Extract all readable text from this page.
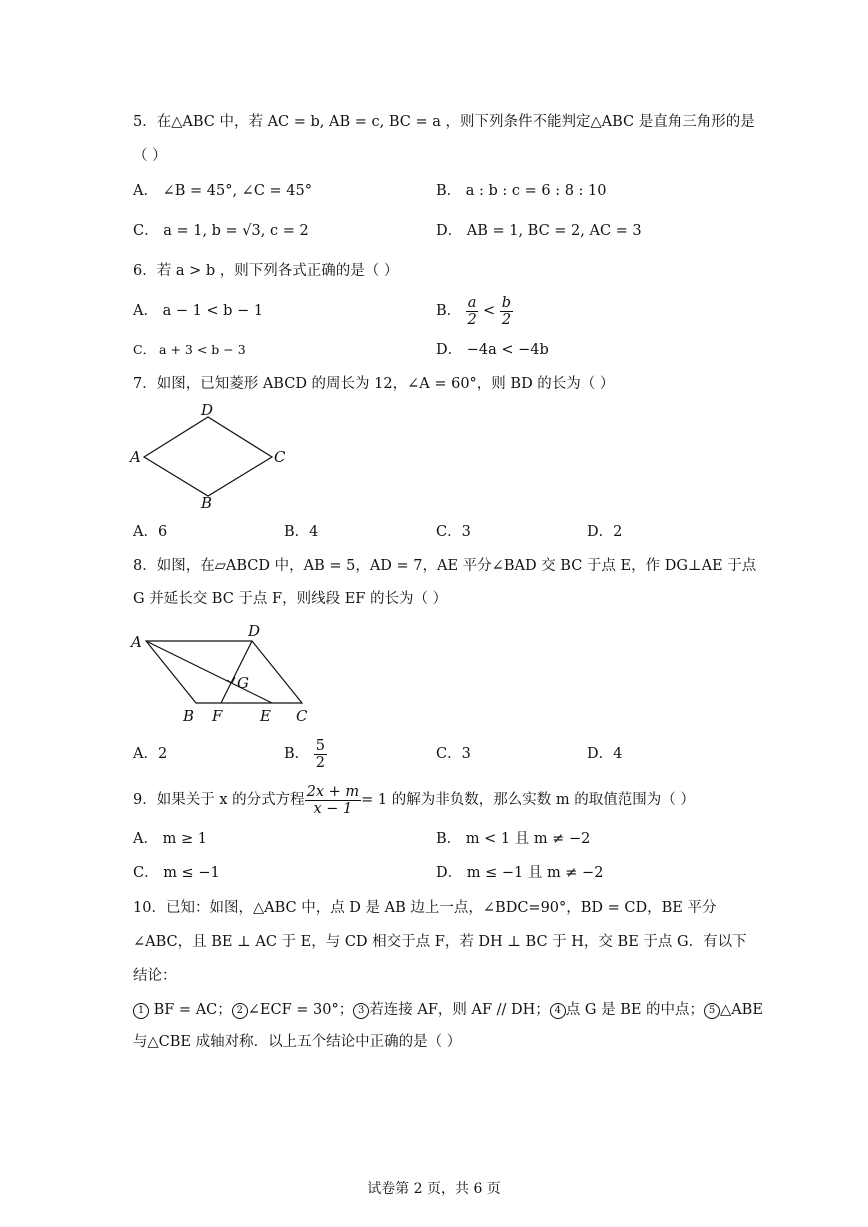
5．在△ABC 中，若 AC = b, AB = c, BC = a ，则下列条件不能判定△ABC 是直角三角形的是
（ ）
A． ∠B = 45°, ∠C = 45°	B． a : b : c = 6 : 8 : 10
C． a = 1, b = √3, c = 2	D． AB = 1, BC = 2, AC = 3
6．若 a > b ，则下列各式正确的是（ ）
A． a − 1 < b − 1	B． $\frac{a}{2} < \frac{b}{2}$
C． a + 3 < b − 3	D． −4a < −4b
7．如图，已知菱形 ABCD 的周长为 12，∠A = 60°，则 BD 的长为（ ）
A
D
C
B
A．6	B．4	C．3	D．2
8．如图，在▱ABCD 中，AB = 5，AD = 7，AE 平分∠BAD 交 BC 于点 E，作 DG⊥AE 于点
G 并延长交 BC 于点 F，则线段 EF 的长为（ ）
A
D
G
B F	E C
A．2	B． $\frac{5}{2}$	C．3	D．4
9．如果关于 x 的分式方程 $\frac{2x + m}{x - 1} = 1$ 的解为非负数，那么实数 m 的取值范围为（ ）
A． m ≥ 1	B． m < 1 且 m ≠ −2
C． m ≤ −1	D． m ≤ −1 且 m ≠ −2
10．已知：如图，△ABC 中，点 D 是 AB 边上一点，∠BDC=90°，BD = CD，BE 平分
∠ABC，且 BE ⊥ AC 于 E，与 CD 相交于点 F，若 DH ⊥ BC 于 H，交 BE 于点 G．有以下
结论：
1 BF = AC； 2 ∠ECF = 30°； 3 若连接 AF，则 AF // DH； 4 点 G 是 BE 的中点； 5 △ABE
与△CBE 成轴对称．以上五个结论中正确的是（ ）
试卷第 2 页，共 6 页
